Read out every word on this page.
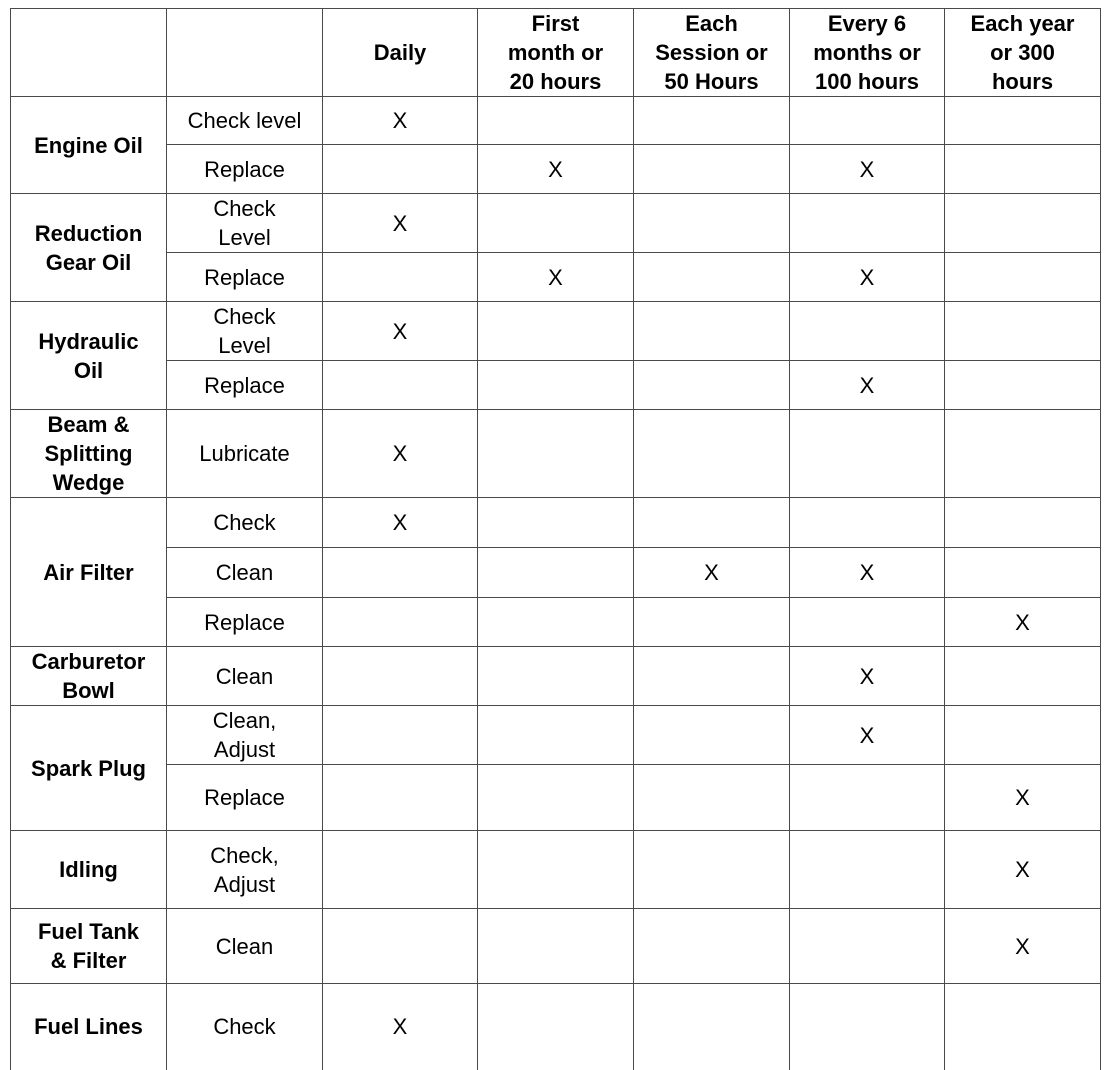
		Daily	First
month or
20 hours	Each
Session or
50 Hours	Every 6
months or
100 hours	Each year
or 300
hours
Engine Oil	Check level	X				
	Replace		X		X	
Reduction
Gear Oil	Check
Level	X				
	Replace		X		X	
Hydraulic
Oil	Check
Level	X				
	Replace				X	
Beam &
Splitting
Wedge	Lubricate	X				
Air Filter	Check	X				
	Clean			X	X	
	Replace					X
Carburetor
Bowl	Clean				X	
Spark Plug	Clean,
Adjust				X	
	Replace					X
Idling	Check,
Adjust					X
Fuel Tank
& Filter	Clean					X
Fuel Lines	Check	X				
